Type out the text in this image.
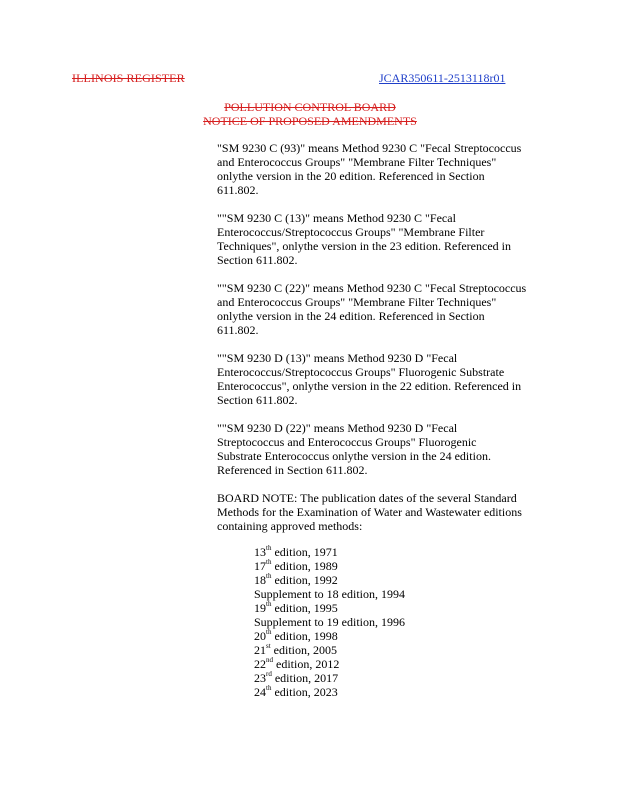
ILLINOIS REGISTER	JCAR350611-2513118r01
POLLUTION CONTROL BOARD
NOTICE OF PROPOSED AMENDMENTS
"SM 9230 C (93)" means Method 9230 C "Fecal Streptococcus
and Enterococcus Groups" "Membrane Filter Techniques"
onlythe version in the 20 edition. Referenced in Section
611.802.
""SM 9230 C (13)" means Method 9230 C "Fecal
Enterococcus/Streptococcus Groups" "Membrane Filter
Techniques", onlythe version in the 23 edition. Referenced in
Section 611.802.
""SM 9230 C (22)" means Method 9230 C "Fecal Streptococcus
and Enterococcus Groups" "Membrane Filter Techniques"
onlythe version in the 24 edition. Referenced in Section
611.802.
""SM 9230 D (13)" means Method 9230 D "Fecal
Enterococcus/Streptococcus Groups" Fluorogenic Substrate
Enterococcus", onlythe version in the 22 edition. Referenced in
Section 611.802.
""SM 9230 D (22)" means Method 9230 D "Fecal
Streptococcus and Enterococcus Groups" Fluorogenic
Substrate Enterococcus onlythe version in the 24 edition.
Referenced in Section 611.802.
BOARD NOTE: The publication dates of the several Standard
Methods for the Examination of Water and Wastewater editions
containing approved methods:
13th edition, 1971
17th edition, 1989
18th edition, 1992
Supplement to 18 edition, 1994
19th edition, 1995
Supplement to 19 edition, 1996
20th edition, 1998
21st edition, 2005
22nd edition, 2012
23rd edition, 2017
24th edition, 2023
